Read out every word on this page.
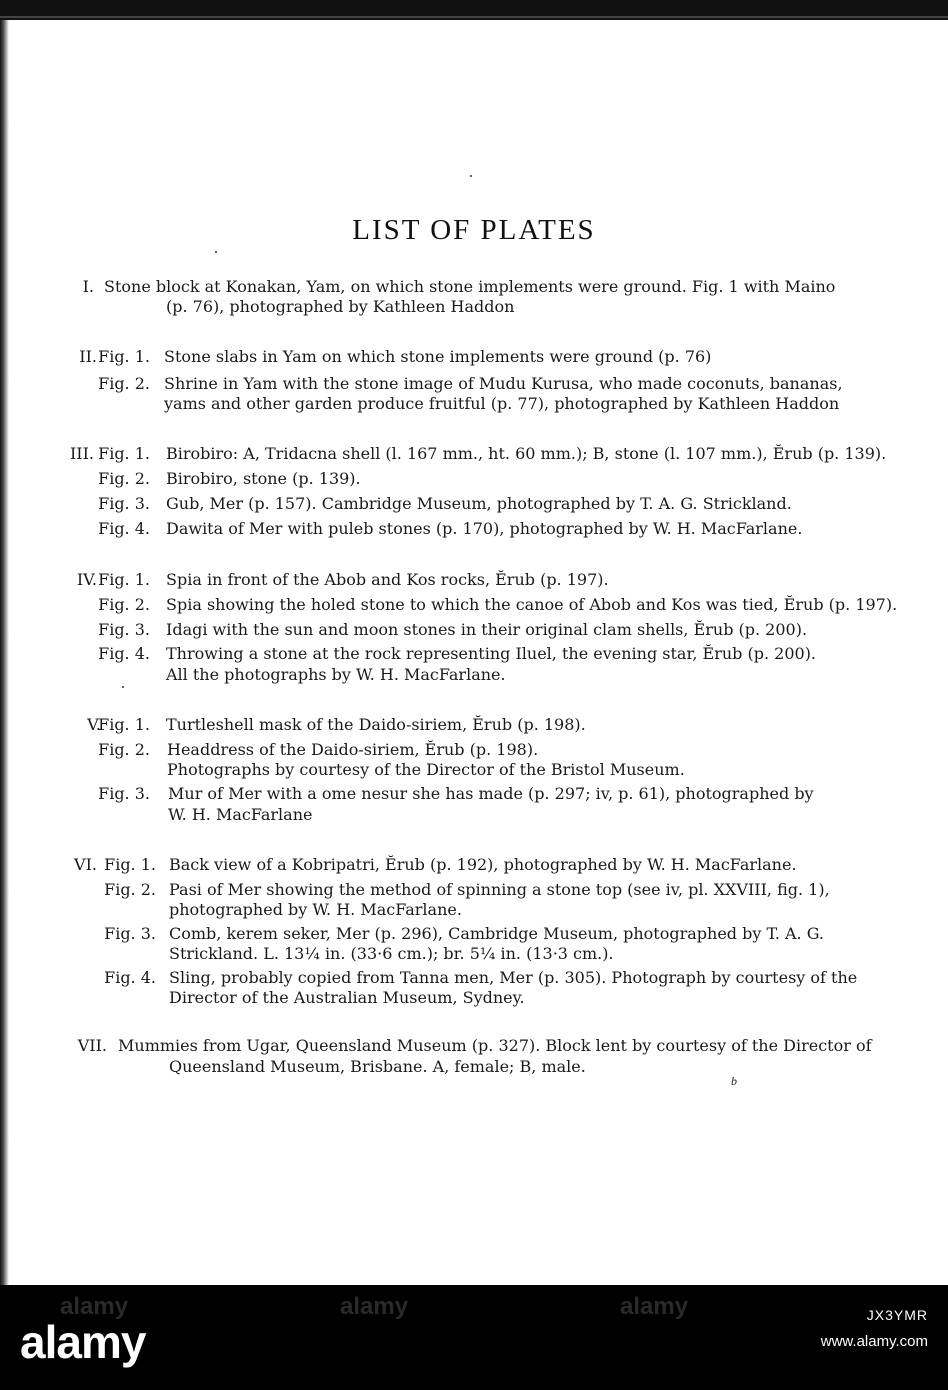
LIST OF PLATES
I. Stone block at Konakan, Yam, on which stone implements were ground. Fig. 1 with Maino
(p. 76), photographed by Kathleen Haddon
II. Fig. 1. Stone slabs in Yam on which stone implements were ground (p. 76)
Fig. 2. Shrine in Yam with the stone image of Mudu Kurusa, who made coconuts, bananas,
yams and other garden produce fruitful (p. 77), photographed by Kathleen Haddon
III. Fig. 1. Birobiro: A, Tridacna shell (l. 167 mm., ht. 60 mm.); B, stone (l. 107 mm.), Ĕrub (p. 139).
Fig. 2. Birobiro, stone (p. 139).
Fig. 3. Gub, Mer (p. 157). Cambridge Museum, photographed by T. A. G. Strickland.
Fig. 4. Dawita of Mer with puleb stones (p. 170), photographed by W. H. MacFarlane.
IV. Fig. 1. Spia in front of the Abob and Kos rocks, Ĕrub (p. 197).
Fig. 2. Spia showing the holed stone to which the canoe of Abob and Kos was tied, Ĕrub (p. 197).
Fig. 3. Idagi with the sun and moon stones in their original clam shells, Ĕrub (p. 200).
Fig. 4. Throwing a stone at the rock representing Iluel, the evening star, Ĕrub (p. 200).
All the photographs by W. H. MacFarlane.
V.
Fig. 1. Turtleshell mask of the Daido-siriem, Ĕrub (p. 198).
Fig. 2. Headdress of the Daido-siriem, Ĕrub (p. 198).
Photographs by courtesy of the Director of the Bristol Museum.
Fig. 3. Mur of Mer with a ome nesur she has made (p. 297; iv, p. 61), photographed by
W. H. MacFarlane
VI. Fig. 1. Back view of a Kobripatri, Ĕrub (p. 192), photographed by W. H. MacFarlane.
Fig. 2. Pasi of Mer showing the method of spinning a stone top (see iv, pl. XXVIII, fig. 1),
photographed by W. H. MacFarlane.
Fig. 3. Comb, kerem seker, Mer (p. 296), Cambridge Museum, photographed by T. A. G.
Strickland. L. 13¼ in. (33·6 cm.); br. 5¼ in. (13·3 cm.).
Fig. 4. Sling, probably copied from Tanna men, Mer (p. 305). Photograph by courtesy of the
Director of the Australian Museum, Sydney.
VII. Mummies from Ugar, Queensland Museum (p. 327). Block lent by courtesy of the Director of
Queensland Museum, Brisbane. A, female; B, male.
b
alamy	alamy	alamy
alamy
JX3YMR
www.alamy.com
